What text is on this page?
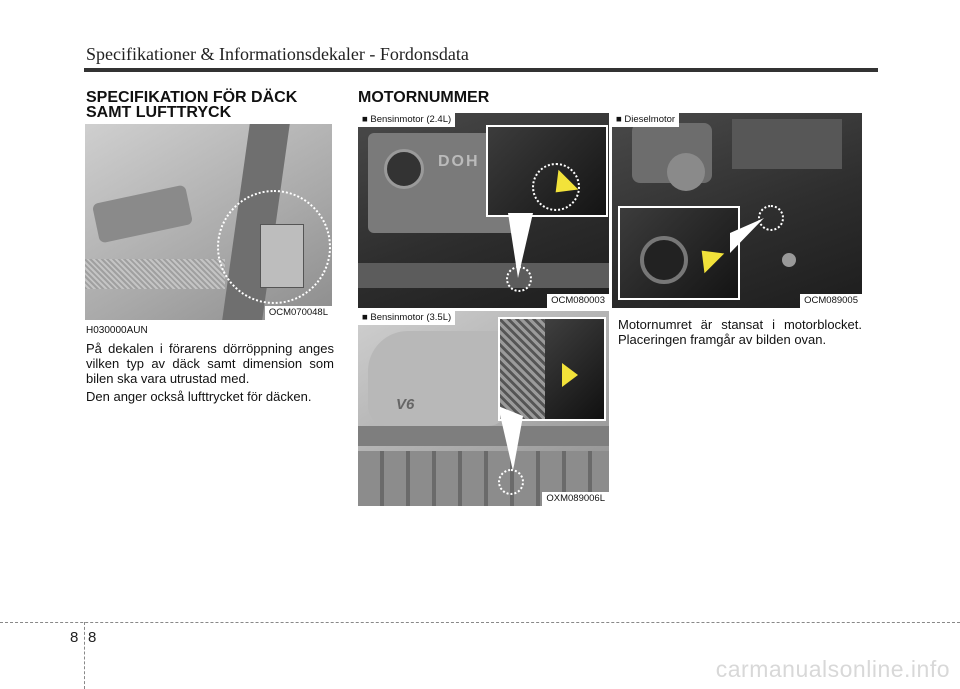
Specifikationer & Informationsdekaler - Fordonsdata
SPECIFIKATION FÖR DÄCK
SAMT LUFTTRYCK
OCM070048L
H030000AUN
På dekalen i förarens dörröppning anges vilken typ av däck samt dimension som bilen ska vara utrustad med.
Den anger också lufttrycket för däcken.
MOTORNUMMER
DOH
■ Bensinmotor (2.4L)
OCM080003
■ Dieselmotor
OCM089005
V6
■ Bensinmotor (3.5L)
OXM089006L
Motornumret är stansat i motorblocket. Placeringen framgår av bilden ovan.
8 8
carmanualsonline.info
